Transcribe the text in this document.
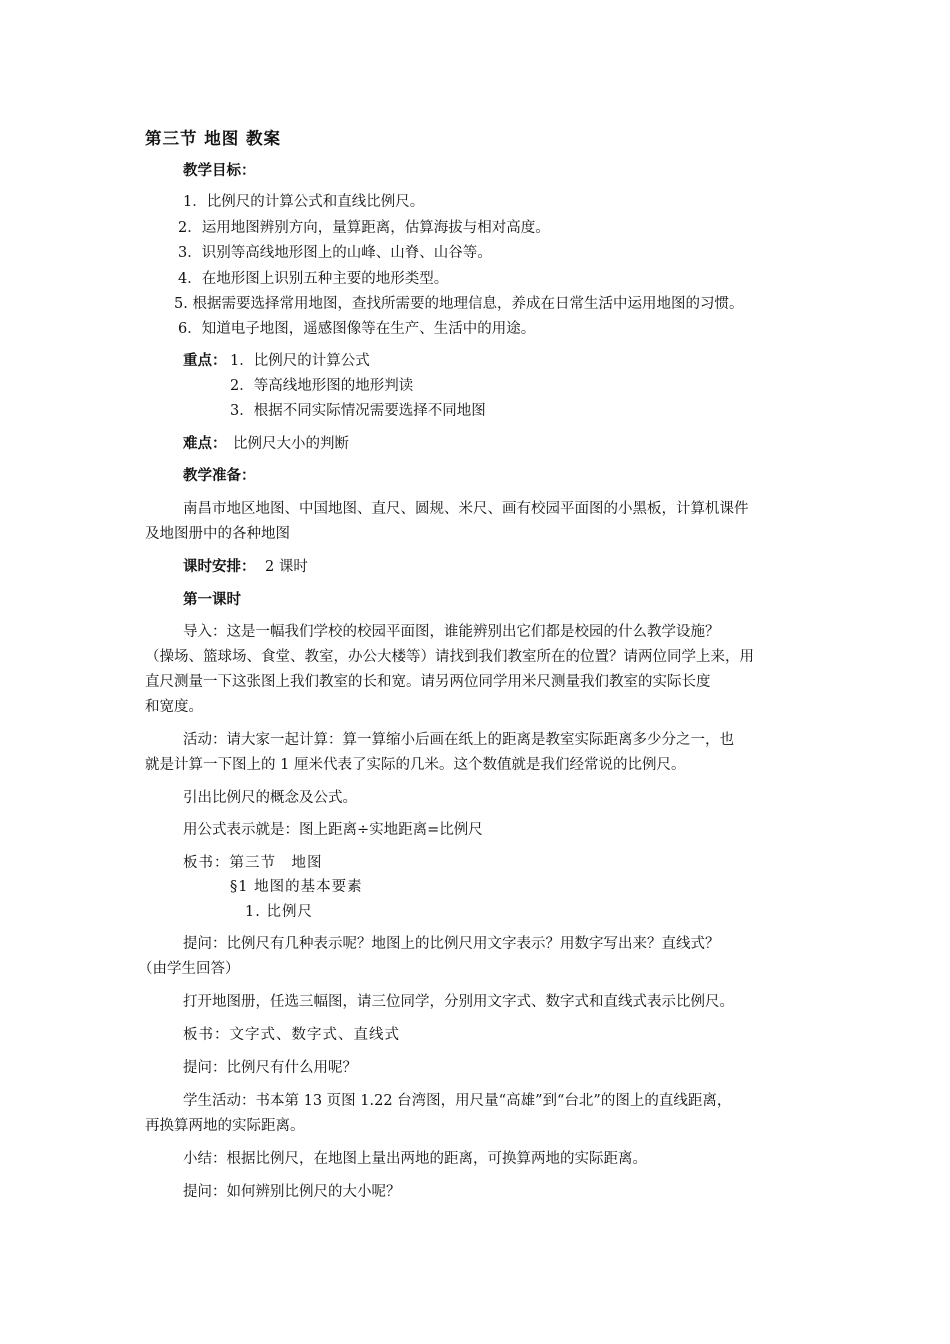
第三节 地图 教案
教学目标：
1．比例尺的计算公式和直线比例尺。
2．运用地图辨别方向，量算距离，估算海拔与相对高度。
3．识别等高线地形图上的山峰、山脊、山谷等。
4．在地形图上识别五种主要的地形类型。
5. 根据需要选择常用地图，查找所需要的地理信息，养成在日常生活中运用地图的习惯。
6．知道电子地图，遥感图像等在生产、生活中的用途。
重点： 1．比例尺的计算公式
2．等高线地形图的地形判读
3．根据不同实际情况需要选择不同地图
难点： 比例尺大小的判断
教学准备：
南昌市地区地图、中国地图、直尺、圆规、米尺、画有校园平面图的小黑板，计算机课件
及地图册中的各种地图
课时安排： 2 课时
第一课时
导入：这是一幅我们学校的校园平面图，谁能辨别出它们都是校园的什么教学设施？
（操场、篮球场、食堂、教室，办公大楼等）请找到我们教室所在的位置？请两位同学上来，用
直尺测量一下这张图上我们教室的长和宽。请另两位同学用米尺测量我们教室的实际长度
和宽度。
活动：请大家一起计算：算一算缩小后画在纸上的距离是教室实际距离多少分之一，也
就是计算一下图上的 1 厘米代表了实际的几米。这个数值就是我们经常说的比例尺。
引出比例尺的概念及公式。
用公式表示就是：图上距离÷实地距离=比例尺
板书：第三节　地图
§1 地图的基本要素
1. 比例尺
提问：比例尺有几种表示呢？地图上的比例尺用文字表示？用数字写出来？直线式？
（由学生回答）
打开地图册，任选三幅图，请三位同学，分别用文字式、数字式和直线式表示比例尺。
板书：文字式、数字式、直线式
提问：比例尺有什么用呢？
学生活动：书本第 13 页图 1.22 台湾图，用尺量“高雄”到“台北”的图上的直线距离，
再换算两地的实际距离。
小结：根据比例尺，在地图上量出两地的距离，可换算两地的实际距离。
提问：如何辨别比例尺的大小呢？
